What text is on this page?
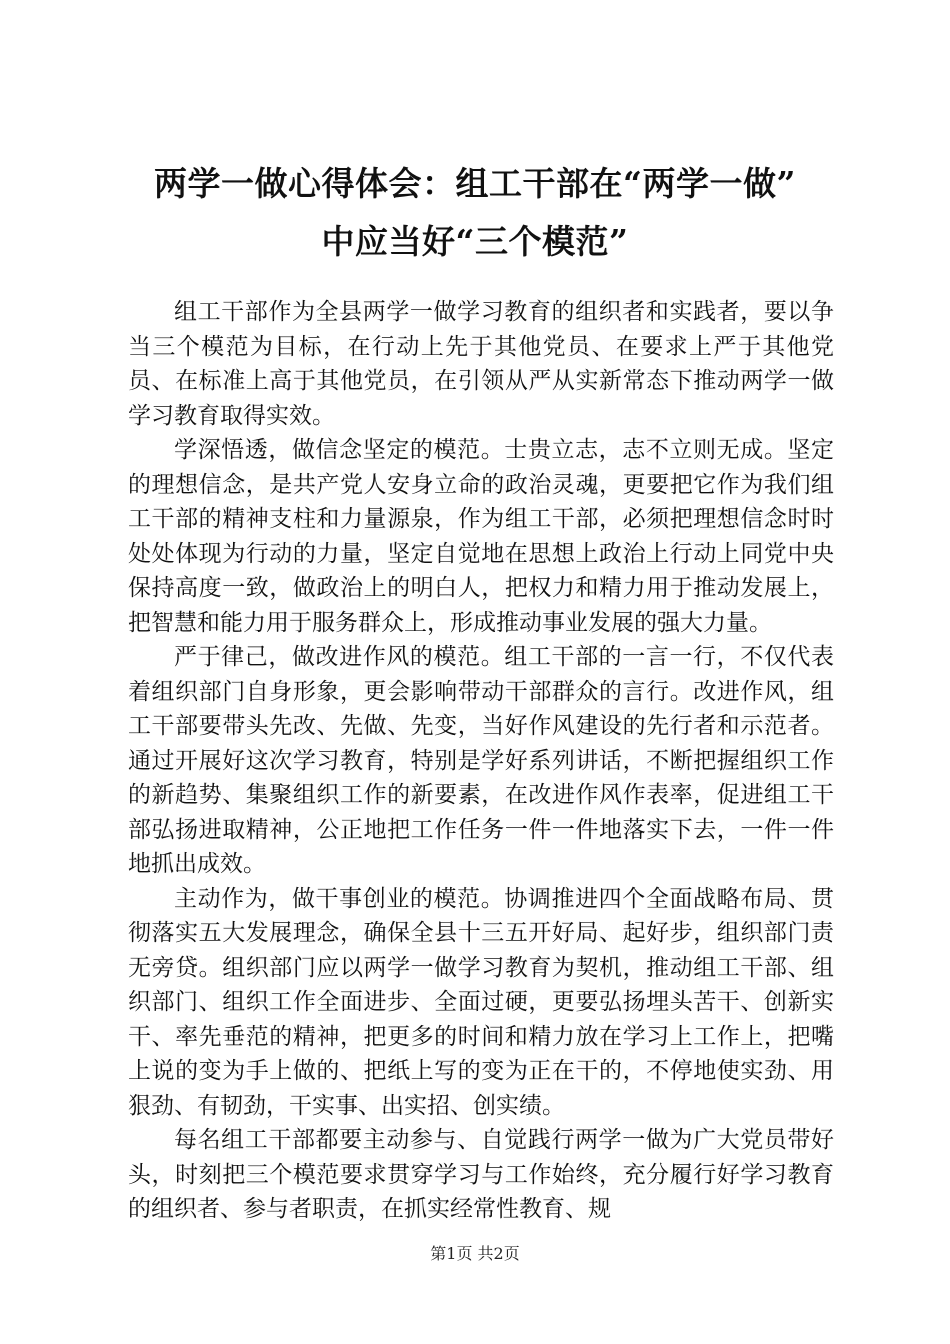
两学一做心得体会：组工干部在“两学一做”
中应当好“三个模范”

组工干部作为全县两学一做学习教育的组织者和实践者，要以争当三个模范为目标，在行动上先于其他党员、在要求上严于其他党员、在标准上高于其他党员，在引领从严从实新常态下推动两学一做学习教育取得实效。

学深悟透，做信念坚定的模范。士贵立志，志不立则无成。坚定的理想信念，是共产党人安身立命的政治灵魂，更要把它作为我们组工干部的精神支柱和力量源泉，作为组工干部，必须把理想信念时时处处体现为行动的力量，坚定自觉地在思想上政治上行动上同党中央保持高度一致，做政治上的明白人，把权力和精力用于推动发展上，把智慧和能力用于服务群众上，形成推动事业发展的强大力量。

严于律己，做改进作风的模范。组工干部的一言一行，不仅代表着组织部门自身形象，更会影响带动干部群众的言行。改进作风，组工干部要带头先改、先做、先变，当好作风建设的先行者和示范者。通过开展好这次学习教育，特别是学好系列讲话，不断把握组织工作的新趋势、集聚组织工作的新要素，在改进作风作表率，促进组工干部弘扬进取精神，公正地把工作任务一件一件地落实下去，一件一件地抓出成效。

主动作为，做干事创业的模范。协调推进四个全面战略布局、贯彻落实五大发展理念，确保全县十三五开好局、起好步，组织部门责无旁贷。组织部门应以两学一做学习教育为契机，推动组工干部、组织部门、组织工作全面进步、全面过硬，更要弘扬埋头苦干、创新实干、率先垂范的精神，把更多的时间和精力放在学习上工作上，把嘴上说的变为手上做的、把纸上写的变为正在干的，不停地使实劲、用狠劲、有韧劲，干实事、出实招、创实绩。

每名组工干部都要主动参与、自觉践行两学一做为广大党员带好头，时刻把三个模范要求贯穿学习与工作始终，充分履行好学习教育的组织者、参与者职责，在抓实经常性教育、规

第1页 共2页
